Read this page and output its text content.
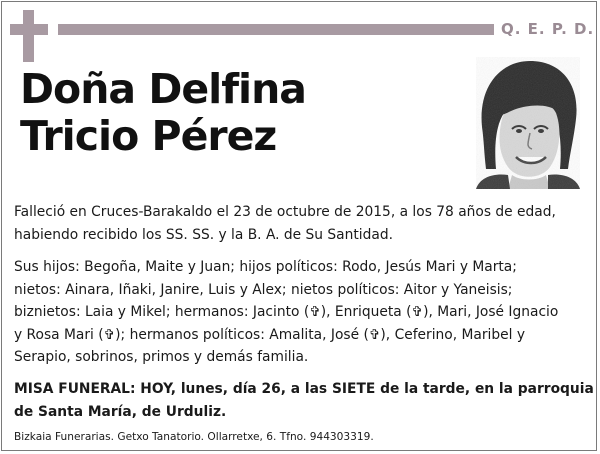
Q. E. P. D.
Doña Delfina
Tricio Pérez
Falleció en Cruces-Barakaldo el 23 de octubre de 2015, a los 78 años de edad,
habiendo recibido los SS. SS. y la B. A. de Su Santidad.
Sus hijos: Begoña, Maite y Juan; hijos políticos: Rodo, Jesús Mari y Marta;
nietos: Ainara, Iñaki, Janire, Luis y Alex; nietos políticos: Aitor y Yaneisis;
biznietos: Laia y Mikel; hermanos: Jacinto (✞), Enriqueta (✞), Mari, José Ignacio
y Rosa Mari (✞); hermanos políticos: Amalita, José (✞), Ceferino, Maribel y
Serapio, sobrinos, primos y demás familia.
MISA FUNERAL: HOY, lunes, día 26, a las SIETE de la tarde, en la parroquia
de Santa María, de Urduliz.
Bizkaia Funerarias. Getxo Tanatorio. Ollarretxe, 6. Tfno. 944303319.
